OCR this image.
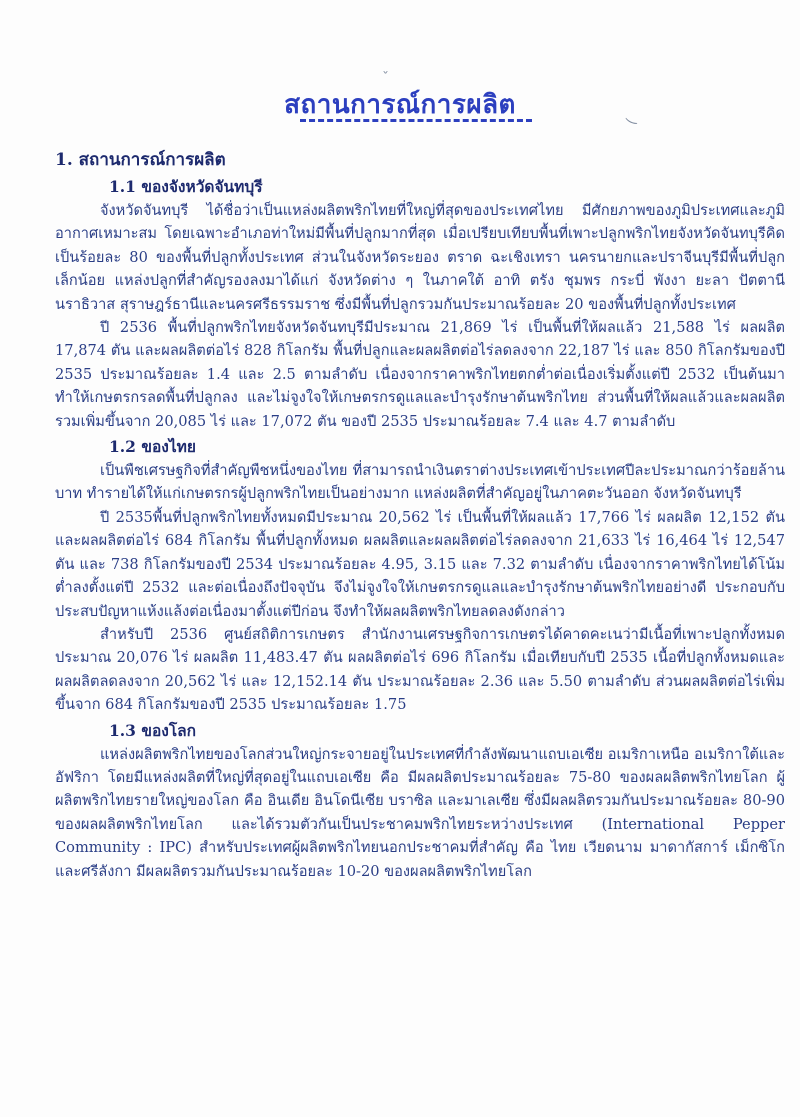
ˇ
‿
สถานการณ์การผลิต
1. สถานการณ์การผลิต
1.1 ของจังหวัดจันทบุรี

จังหวัดจันทบุรี ได้ชื่อว่าเป็นแหล่งผลิตพริกไทยที่ใหญ่ที่สุดของประเทศไทย มีศักยภาพของภูมิประเทศและภูมิอากาศเหมาะสม โดยเฉพาะอำเภอท่าใหม่มีพื้นที่ปลูกมากที่สุด เมื่อเปรียบเทียบพื้นที่เพาะปลูกพริกไทยจังหวัดจันทบุรีคิดเป็นร้อยละ 80 ของพื้นที่ปลูกทั้งประเทศ ส่วนในจังหวัดระยอง ตราด ฉะเชิงเทรา นครนายกและปราจีนบุรีมีพื้นที่ปลูกเล็กน้อย แหล่งปลูกที่สำคัญรองลงมาได้แก่ จังหวัดต่าง ๆ ในภาคใต้ อาทิ ตรัง ชุมพร กระบี่ พังงา ยะลา ปัตตานี นราธิวาส สุราษฎร์ธานีและนครศรีธรรมราช ซึ่งมีพื้นที่ปลูกรวมกันประมาณร้อยละ 20 ของพื้นที่ปลูกทั้งประเทศ

ปี 2536 พื้นที่ปลูกพริกไทยจังหวัดจันทบุรีมีประมาณ 21,869 ไร่ เป็นพื้นที่ให้ผลแล้ว 21,588 ไร่ ผลผลิต 17,874 ตัน และผลผลิตต่อไร่ 828 กิโลกรัม พื้นที่ปลูกและผลผลิตต่อไร่ลดลงจาก 22,187 ไร่ และ 850 กิโลกรัมของปี 2535 ประมาณร้อยละ 1.4 และ 2.5 ตามลำดับ เนื่องจากราคาพริกไทยตกต่ำต่อเนื่องเริ่มตั้งแต่ปี 2532 เป็นต้นมา ทำให้เกษตรกรลดพื้นที่ปลูกลง และไม่จูงใจให้เกษตรกรดูแลและบำรุงรักษาต้นพริกไทย ส่วนพื้นที่ให้ผลแล้วและผลผลิตรวมเพิ่มขึ้นจาก 20,085 ไร่ และ 17,072 ตัน ของปี 2535 ประมาณร้อยละ 7.4 และ 4.7 ตามลำดับ

1.2 ของไทย

เป็นพืชเศรษฐกิจที่สำคัญพืชหนึ่งของไทย ที่สามารถนำเงินตราต่างประเทศเข้าประเทศปีละประมาณกว่าร้อยล้านบาท ทำรายได้ให้แก่เกษตรกรผู้ปลูกพริกไทยเป็นอย่างมาก แหล่งผลิตที่สำคัญอยู่ในภาคตะวันออก จังหวัดจันทบุรี

ปี 2535พื้นที่ปลูกพริกไทยทั้งหมดมีประมาณ 20,562 ไร่ เป็นพื้นที่ให้ผลแล้ว 17,766 ไร่ ผลผลิต 12,152 ตัน และผลผลิตต่อไร่ 684 กิโลกรัม พื้นที่ปลูกทั้งหมด ผลผลิตและผลผลิตต่อไร่ลดลงจาก 21,633 ไร่ 16,464 ไร่ 12,547 ตัน และ 738 กิโลกรัมของปี 2534 ประมาณร้อยละ 4.95, 3.15 และ 7.32 ตามลำดับ เนื่องจากราคาพริกไทยได้โน้มต่ำลงตั้งแต่ปี 2532 และต่อเนื่องถึงปัจจุบัน จึงไม่จูงใจให้เกษตรกรดูแลและบำรุงรักษาต้นพริกไทยอย่างดี ประกอบกับประสบปัญหาแห้งแล้งต่อเนื่องมาตั้งแต่ปีก่อน จึงทำให้ผลผลิตพริกไทยลดลงดังกล่าว

สำหรับปี 2536 ศูนย์สถิติการเกษตร สำนักงานเศรษฐกิจการเกษตรได้คาดคะเนว่ามีเนื้อที่เพาะปลูกทั้งหมดประมาณ 20,076 ไร่ ผลผลิต 11,483.47 ตัน ผลผลิตต่อไร่ 696 กิโลกรัม เมื่อเทียบกับปี 2535 เนื้อที่ปลูกทั้งหมดและผลผลิตลดลงจาก 20,562 ไร่ และ 12,152.14 ตัน ประมาณร้อยละ 2.36 และ 5.50 ตามลำดับ ส่วนผลผลิตต่อไร่เพิ่มขึ้นจาก 684 กิโลกรัมของปี 2535 ประมาณร้อยละ 1.75

1.3 ของโลก

แหล่งผลิตพริกไทยของโลกส่วนใหญ่กระจายอยู่ในประเทศที่กำลังพัฒนาแถบเอเซีย อเมริกาเหนือ อเมริกาใต้และอัฟริกา โดยมีแหล่งผลิตที่ใหญ่ที่สุดอยู่ในแถบเอเซีย คือ มีผลผลิตประมาณร้อยละ 75-80 ของผลผลิตพริกไทยโลก ผู้ผลิตพริกไทยรายใหญ่ของโลก คือ อินเดีย อินโดนีเซีย บราซิล และมาเลเซีย ซึ่งมีผลผลิตรวมกันประมาณร้อยละ 80-90 ของผลผลิตพริกไทยโลก และได้รวมตัวกันเป็นประชาคมพริกไทยระหว่างประเทศ (International Pepper Community : IPC) สำหรับประเทศผู้ผลิตพริกไทยนอกประชาคมที่สำคัญ คือ ไทย เวียดนาม มาดากัสการ์ เม็กซิโก และศรีลังกา มีผลผลิตรวมกันประมาณร้อยละ 10-20 ของผลผลิตพริกไทยโลก
